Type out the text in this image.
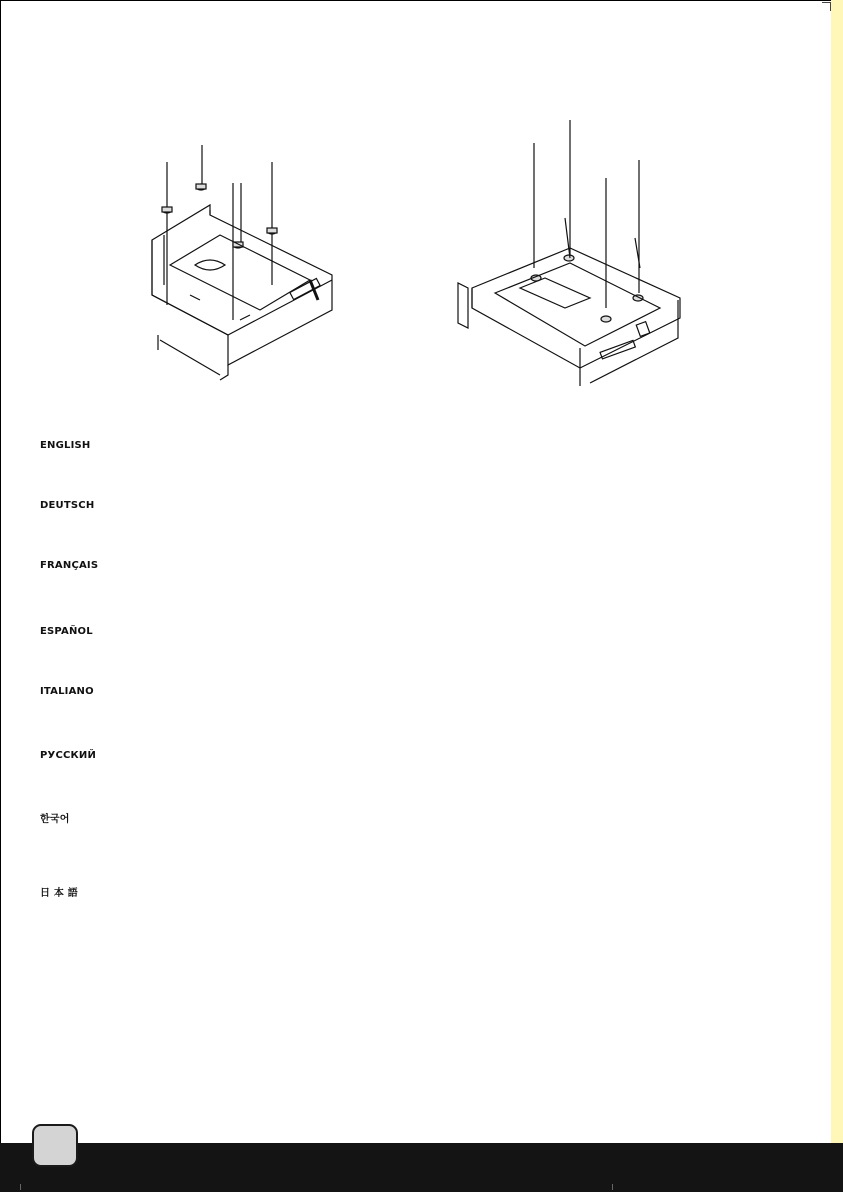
ENGLISH
DEUTSCH
FRANÇAIS
ESPAÑOL
ITALIANO
РУССКИЙ
한국어
日 本 語
